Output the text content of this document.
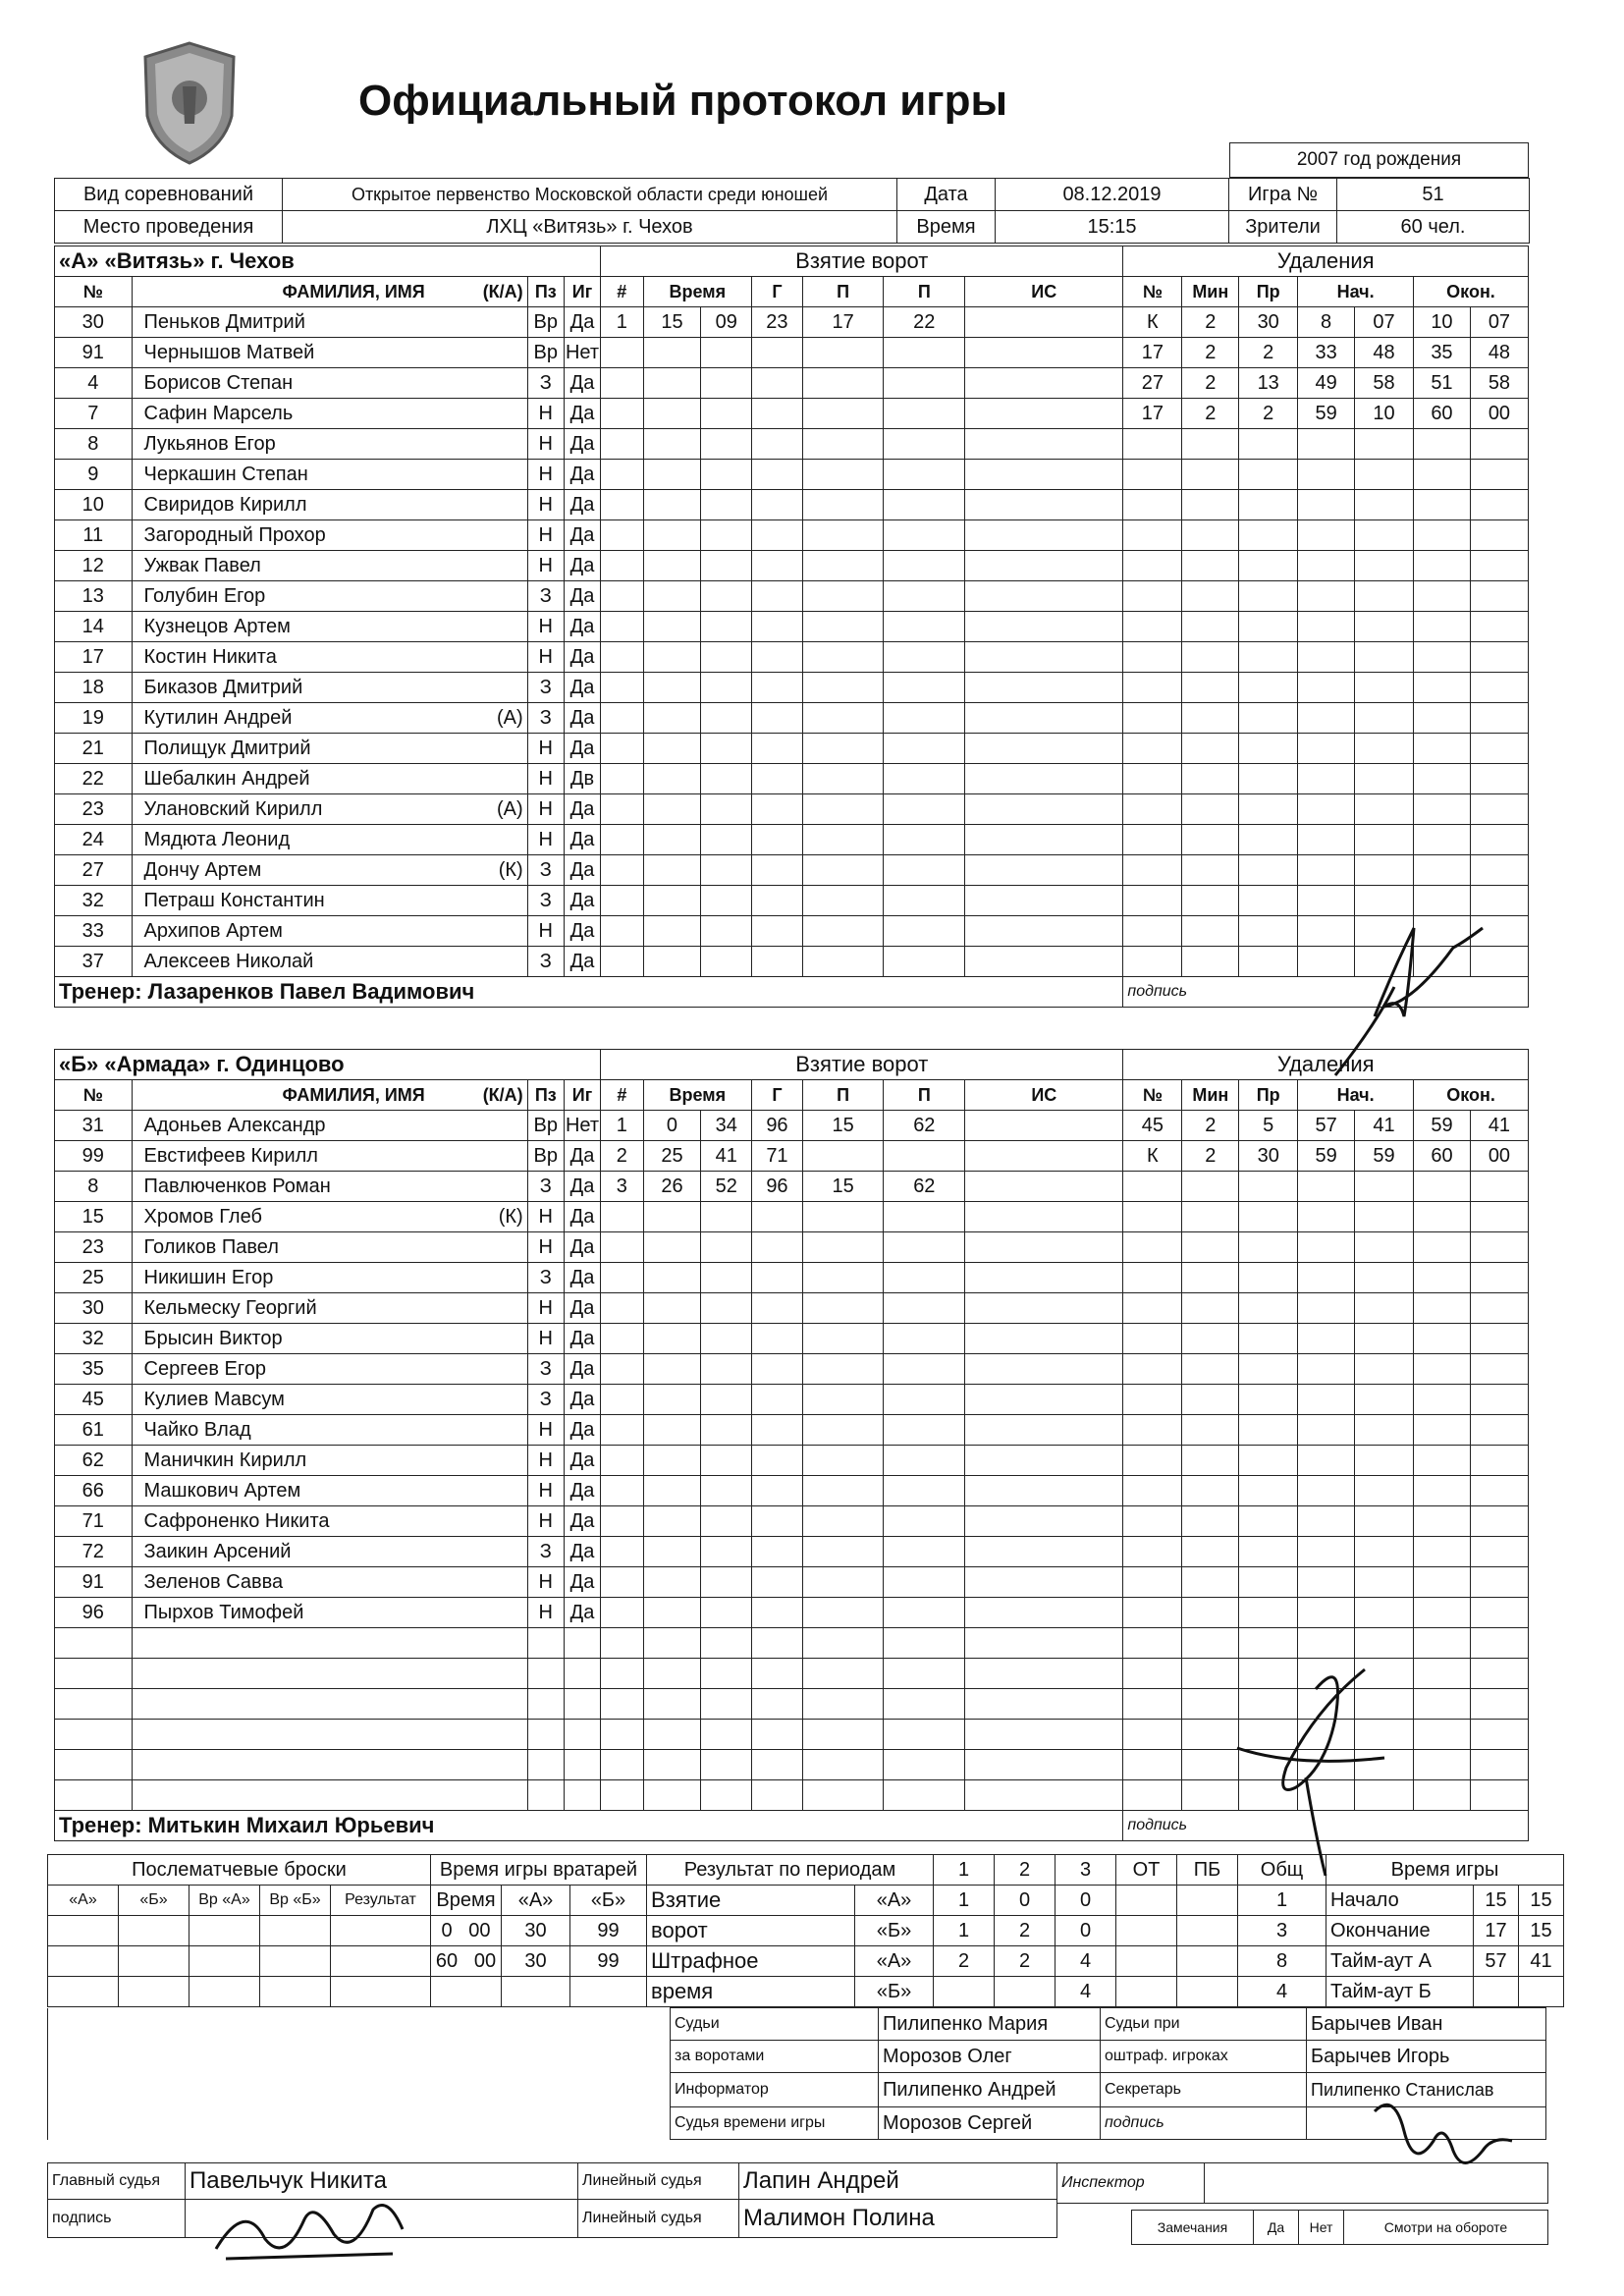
Официальный протокол игры
2007 год рождения
Вид соревнований	Открытое первенство Московской области среди юношей	Дата	08.12.2019	Игра №	51
Место проведения	ЛХЦ «Витязь» г. Чехов	Время	15:15	Зрители	60 чел.
«А» «Витязь» г. Чехов				Взятие ворот							Удаления						
№	ФАМИЛИЯ, ИМЯ (К/А)	Пз	Иг	#	Время		Г	П	П	ИС	№	Мин	Пр	Нач.		Окон.	
30	Пеньков Дмитрий	Вр	Да	1	15	09	23	17	22		К	2	30	8	07	10	07
91	Чернышов Матвей	Вр	Нет								17	2	2	33	48	35	48
4	Борисов Степан	З	Да								27	2	13	49	58	51	58
7	Сафин Марсель	Н	Да								17	2	2	59	10	60	00
8	Лукьянов Егор	Н	Да														
9	Черкашин Степан	Н	Да														
10	Свиридов Кирилл	Н	Да														
11	Загородный Прохор	Н	Да														
12	Ужвак Павел	Н	Да														
13	Голубин Егор	З	Да														
14	Кузнецов Артем	Н	Да														
17	Костин Никита	Н	Да														
18	Биказов Дмитрий	З	Да														
19	Кутилин Андрей (А)	З	Да														
21	Полищук Дмитрий	Н	Да														
22	Шебалкин Андрей	Н	Дв														
23	Улановский Кирилл (А)	Н	Да														
24	Мядюта Леонид	Н	Да														
27	Дончу Артем (К)	З	Да														
32	Петраш Константин	З	Да														
33	Архипов Артем	Н	Да														
37	Алексеев Николай	З	Да														
Тренер: Лазаренков Павел Вадимович											подпись						
«Б» «Армада» г. Одинцово				Взятие ворот							Удаления						
№	ФАМИЛИЯ, ИМЯ (К/А)	Пз	Иг	#	Время		Г	П	П	ИС	№	Мин	Пр	Нач.		Окон.	
31	Адоньев Александр	Вр	Нет	1	0	34	96	15	62		45	2	5	57	41	59	41
99	Евстифеев Кирилл	Вр	Да	2	25	41	71				К	2	30	59	59	60	00
8	Павлюченков Роман	З	Да	3	26	52	96	15	62								
15	Хромов Глеб (К)	Н	Да														
23	Голиков Павел	Н	Да														
25	Никишин Егор	З	Да														
30	Кельмеску Георгий	Н	Да														
32	Брысин Виктор	Н	Да														
35	Сергеев Егор	З	Да														
45	Кулиев Мавсум	З	Да														
61	Чайко Влад	Н	Да														
62	Маничкин Кирилл	Н	Да														
66	Машкович Артем	Н	Да														
71	Сафроненко Никита	Н	Да														
72	Заикин Арсений	З	Да														
91	Зеленов Савва	Н	Да														
96	Пырхов Тимофей	Н	Да														

Тренер: Митькин Михаил Юрьевич											подпись						
Послематчевые броски					Время игры вратарей			Результат по периодам		1	2	3	ОТ	ПБ	Общ	Время игры		
«А»	«Б»	Вр «А»	Вр «Б»	Результат	Время	«А»	«Б»	Взятие	«А»	1	0	0			1	Начало	15	15
					0 00	30	99	ворот	«Б»	1	2	0			3	Окончание	17	15
					60 00	30	99	Штрафное	«А»	2	2	4			8	Тайм-аут А	57	41
								время	«Б»			4			4	Тайм-аут Б		
	Судьи	Пилипенко Мария	Судьи при	Барычев Иван
	за воротами	Морозов Олег	оштраф. игроках	Барычев Игорь
	Информатор	Пилипенко Андрей	Секретарь	Пилипенко Станислав
	Судья времени игры	Морозов Сергей	подпись	
Главный судья	Павельчук Никита	Линейный судья	Лапин Андрей
подпись		Линейный судья	Малимон Полина
Инспектор	
Замечания	Да	Нет	Смотри на обороте
